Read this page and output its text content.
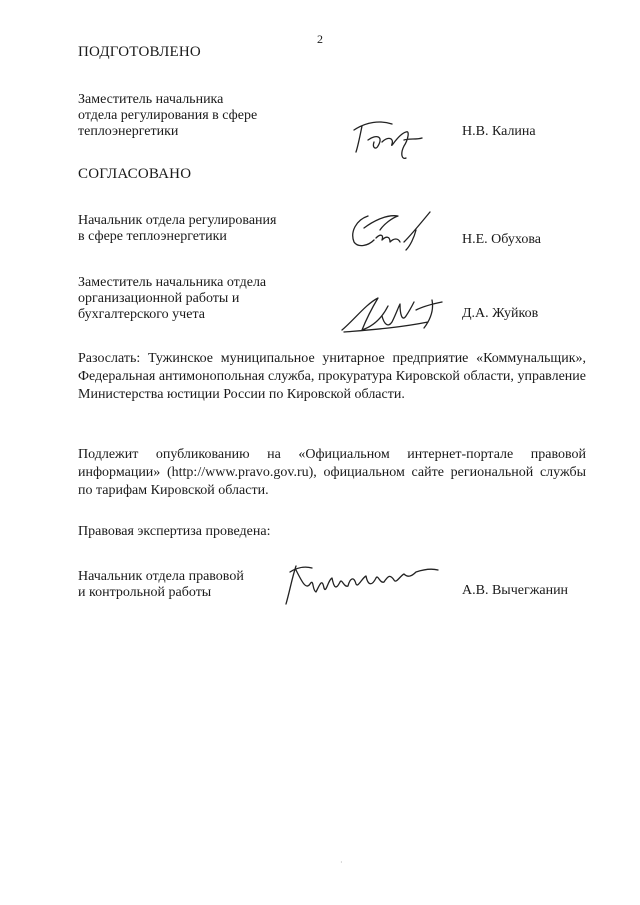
2
ПОДГОТОВЛЕНО
Заместитель начальника
отдела регулирования в сфере
теплоэнергетики	Н.В. Калина
СОГЛАСОВАНО
Начальник отдела регулирования
в сфере теплоэнергетики	Н.Е. Обухова
Заместитель начальника отдела
организационной работы и
бухгалтерского учета	Д.А. Жуйков
Разослать: Тужинское муниципальное унитарное предприятие «Коммунальщик», Федеральная антимонопольная служба, прокуратура Кировской области, управление Министерства юстиции России по Кировской области.
Подлежит опубликованию на «Официальном интернет-портале правовой информации» (http://www.pravo.gov.ru), официальном сайте региональной службы по тарифам Кировской области.
Правовая экспертиза проведена:
Начальник отдела правовой
и контрольной работы	А.В. Вычегжанин
·
